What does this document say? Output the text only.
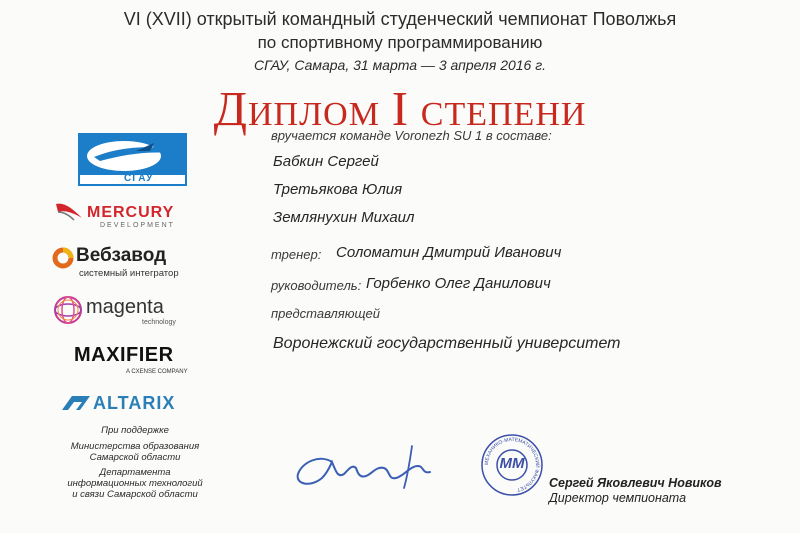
VI (XVII) открытый командный студенческий чемпионат Поволжья
по спортивному программированию
СГАУ, Самара, 31 марта — 3 апреля 2016 г.
Диплом I степени
СГАУ
MERCURY
DEVELOPMENT
Вебзавод
системный интегратор
magenta
technology
MAXIFIER
A CXENSE COMPANY
ALTARIX
При поддержке
Министерства образования
Самарской области
Департамента
информационных технологий
и связи Самарской области
вручается команде Voronezh SU 1 в составе:
Бабкин Сергей
Третьякова Юлия
Землянухин Михаил
тренер: Соломатин Дмитрий Иванович
руководитель: Горбенко Олег Данилович
представляющей
Воронежский государственный университет
МЕХАНИКО-МАТЕМАТИЧЕСКИЙ ФАКУЛЬТЕТ
ММ
Сергей Яковлевич Новиков
Директор чемпионата
